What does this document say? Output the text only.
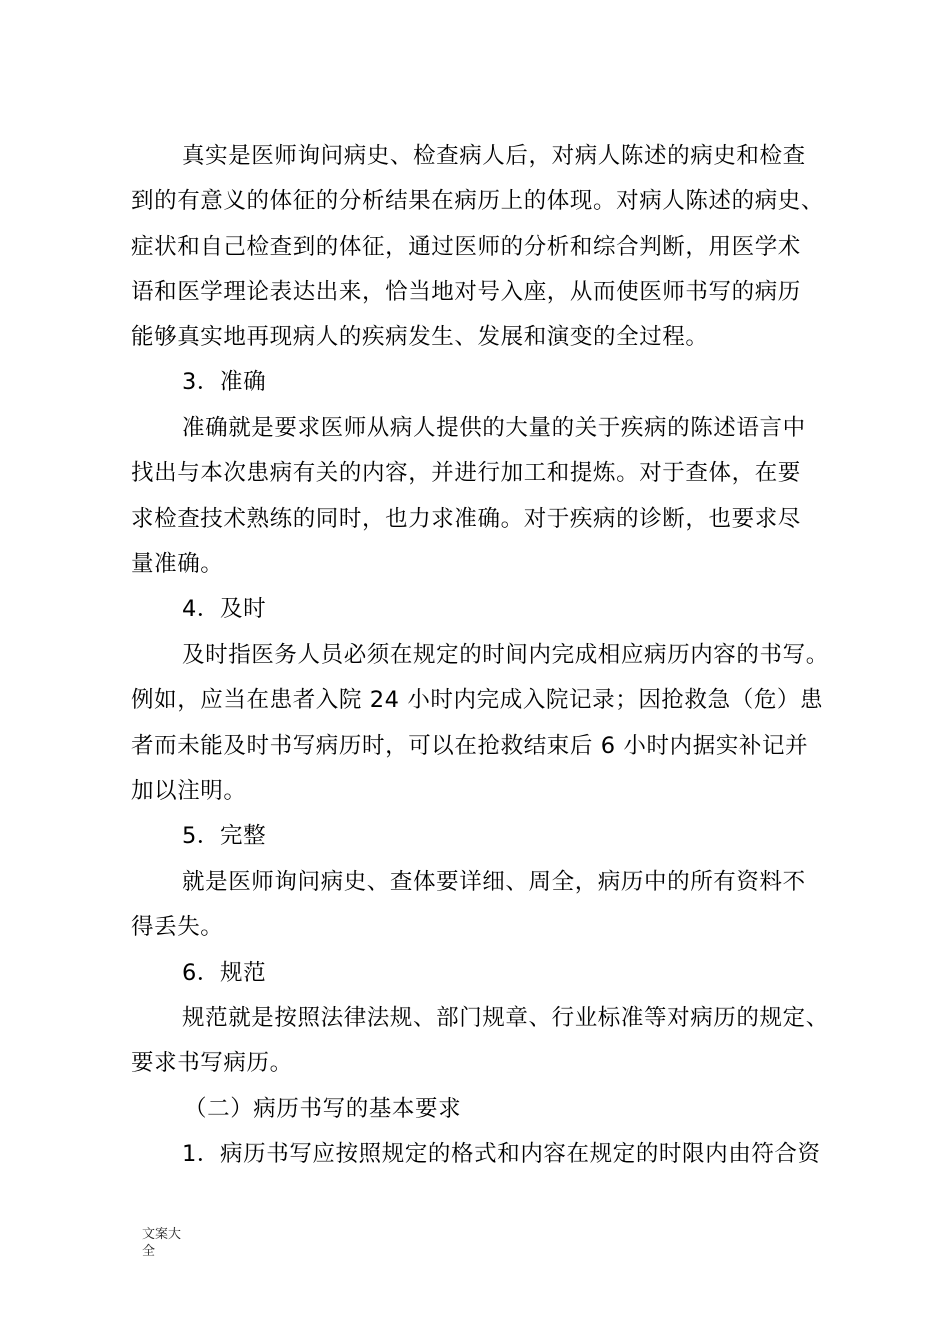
真实是医师询问病史、检查病人后，对病人陈述的病史和检查
到的有意义的体征的分析结果在病历上的体现。对病人陈述的病史、
症状和自己检查到的体征，通过医师的分析和综合判断，用医学术
语和医学理论表达出来，恰当地对号入座，从而使医师书写的病历
能够真实地再现病人的疾病发生、发展和演变的全过程。
3．准确
准确就是要求医师从病人提供的大量的关于疾病的陈述语言中
找出与本次患病有关的内容，并进行加工和提炼。对于查体，在要
求检查技术熟练的同时，也力求准确。对于疾病的诊断，也要求尽
量准确。
4．及时
及时指医务人员必须在规定的时间内完成相应病历内容的书写。
例如，应当在患者入院 24 小时内完成入院记录；因抢救急（危）患
者而未能及时书写病历时，可以在抢救结束后 6 小时内据实补记并
加以注明。
5．完整
就是医师询问病史、查体要详细、周全，病历中的所有资料不
得丢失。
6．规范
规范就是按照法律法规、部门规章、行业标准等对病历的规定、
要求书写病历。
（二）病历书写的基本要求
1．病历书写应按照规定的格式和内容在规定的时限内由符合资
文案大
全
